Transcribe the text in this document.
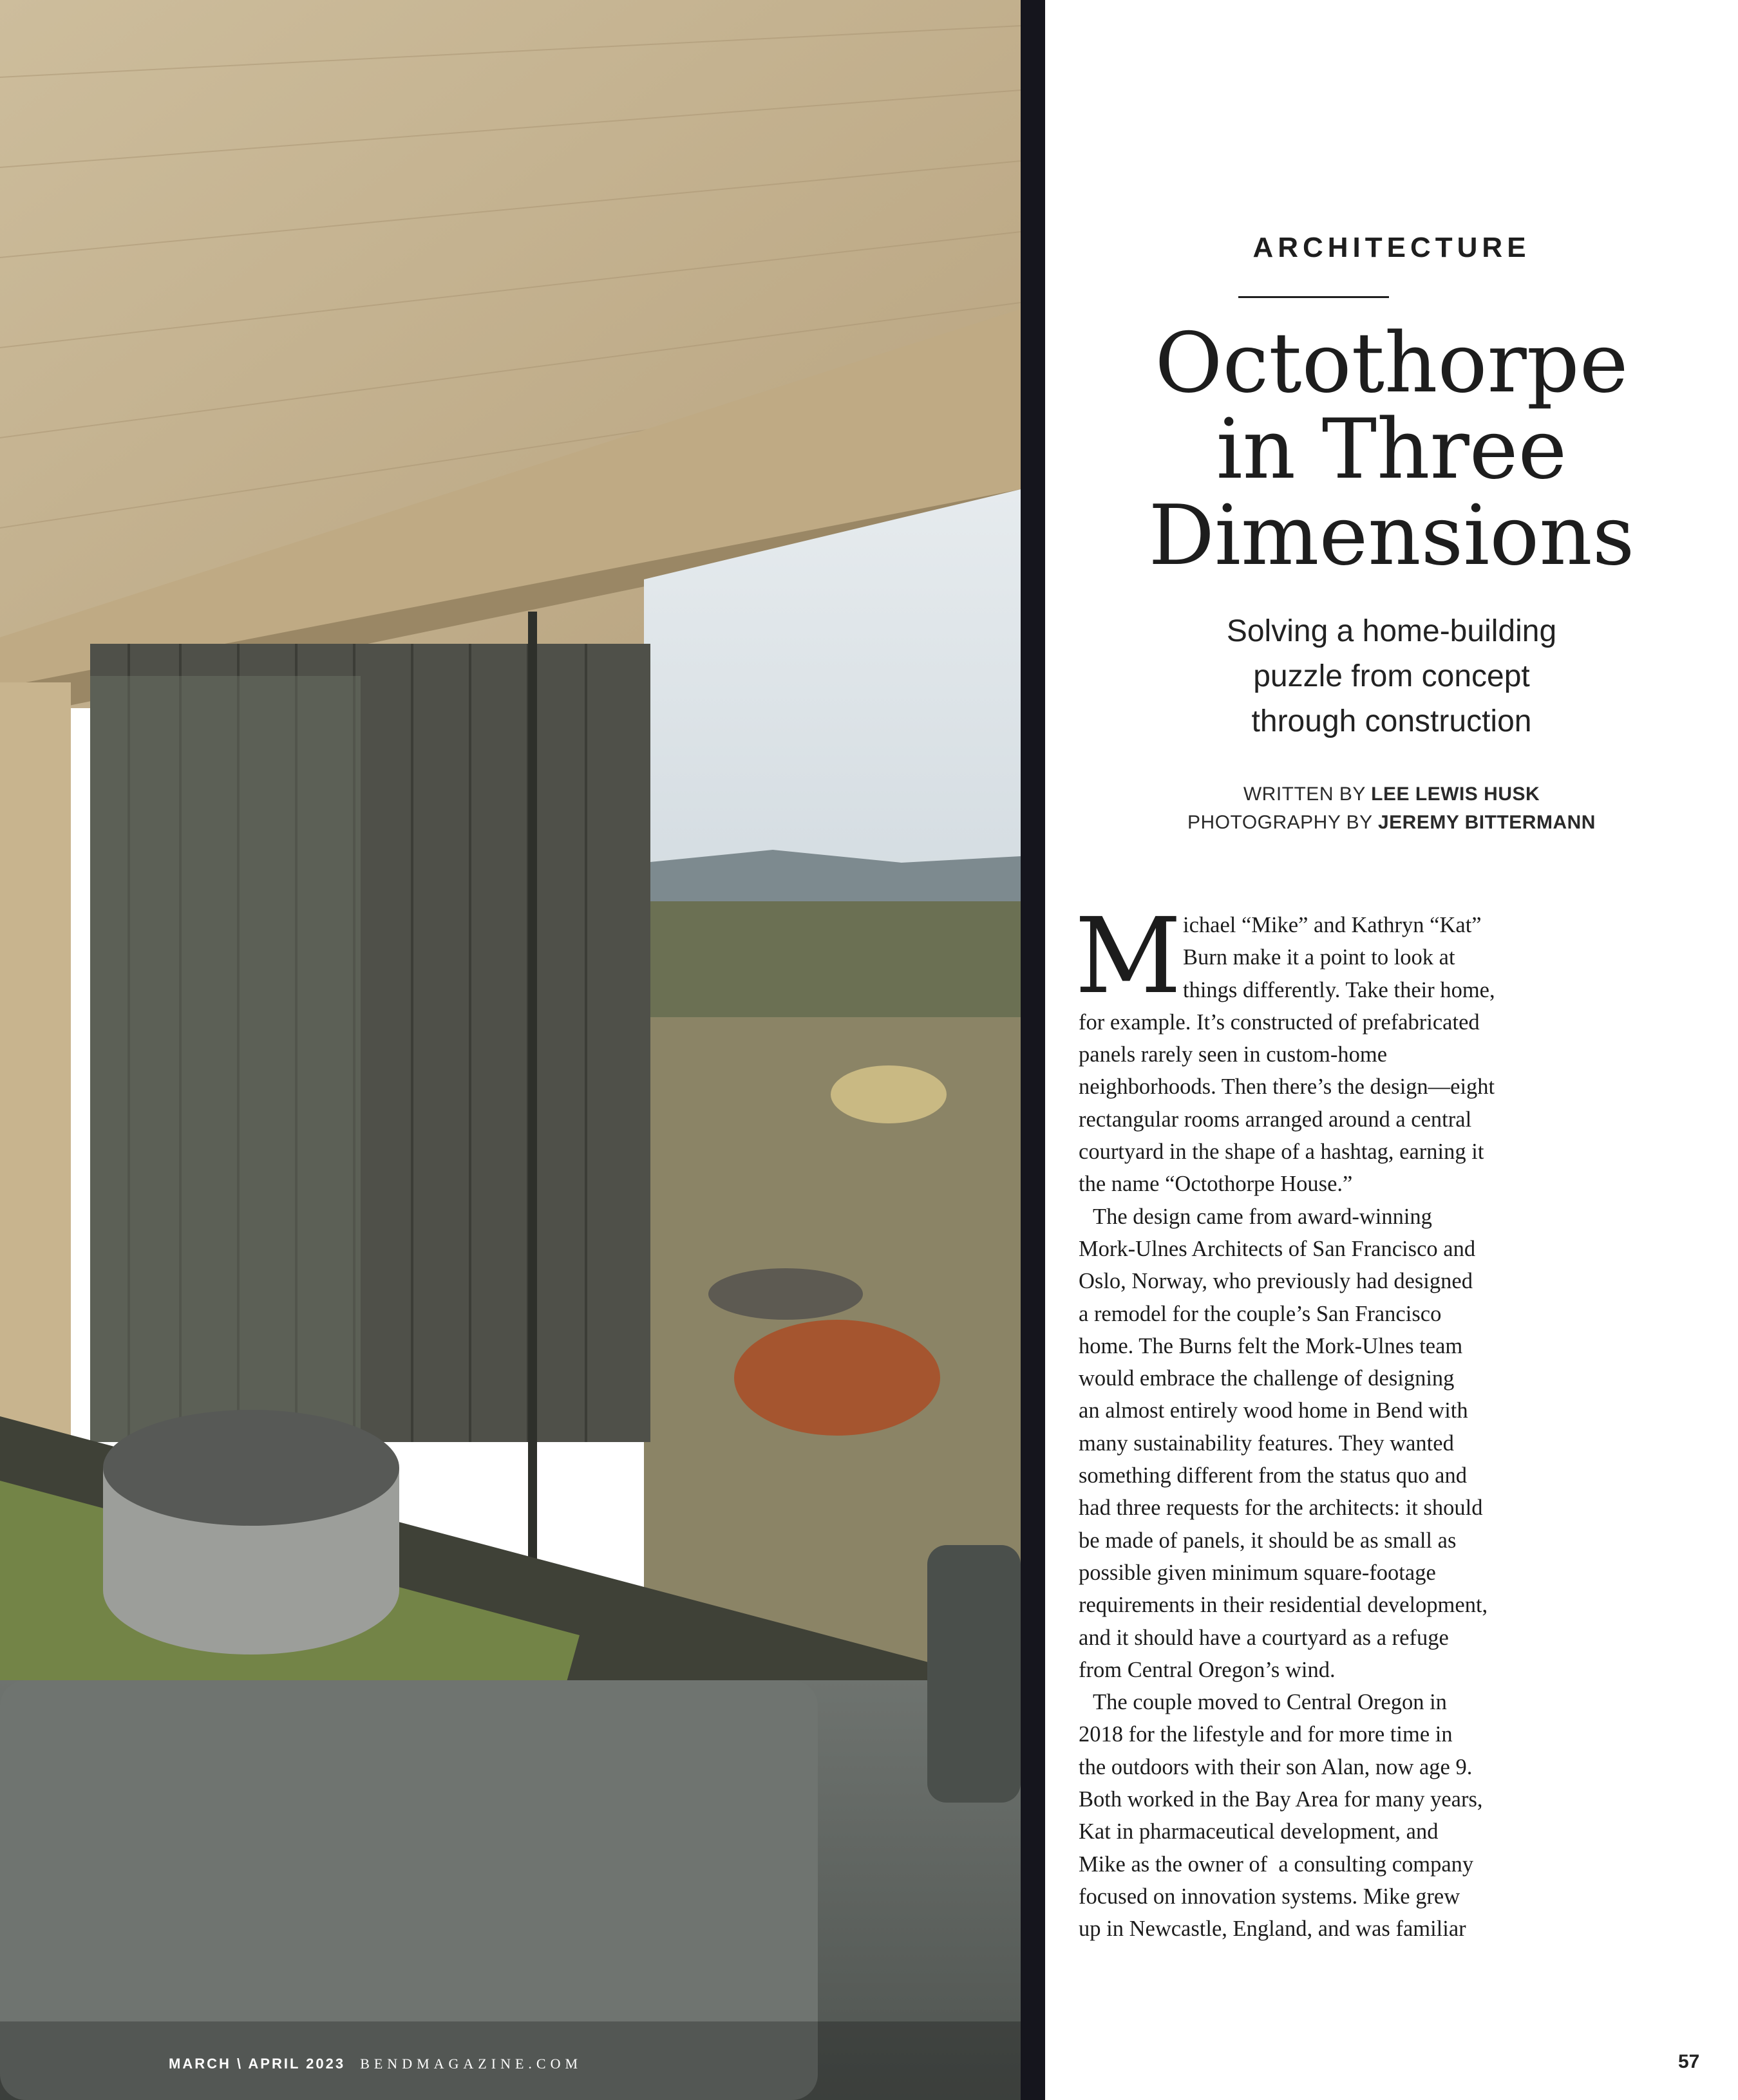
ARCHITECTURE
Octothorpe
in Three
Dimensions
Solving a home-building
puzzle from concept
through construction
WRITTEN BY LEE LEWIS HUSK
PHOTOGRAPHY BY JEREMY BITTERMANN
M ichael “Mike” and Kathryn “Kat”
Burn make it a point to look at
things differently. Take their home,
for example. It’s constructed of prefabricated
panels rarely seen in custom-home
neighborhoods. Then there’s the design—eight
rectangular rooms arranged around a central
courtyard in the shape of a hashtag, earning it
the name “Octothorpe House.”
The design came from award-winning
Mork-Ulnes Architects of San Francisco and
Oslo, Norway, who previously had designed
a remodel for the couple’s San Francisco
home. The Burns felt the Mork-Ulnes team
would embrace the challenge of designing
an almost entirely wood home in Bend with
many sustainability features. They wanted
something different from the status quo and
had three requests for the architects: it should
be made of panels, it should be as small as
possible given minimum square-footage
requirements in their residential development,
and it should have a courtyard as a refuge
from Central Oregon’s wind.
The couple moved to Central Oregon in
2018 for the lifestyle and for more time in
the outdoors with their son Alan, now age 9.
Both worked in the Bay Area for many years,
Kat in pharmaceutical development, and
Mike as the owner of  a consulting company
focused on innovation systems. Mike grew
up in Newcastle, England, and was familiar
MARCH \ APRIL 2023 BENDMAGAZINE.COM	57
